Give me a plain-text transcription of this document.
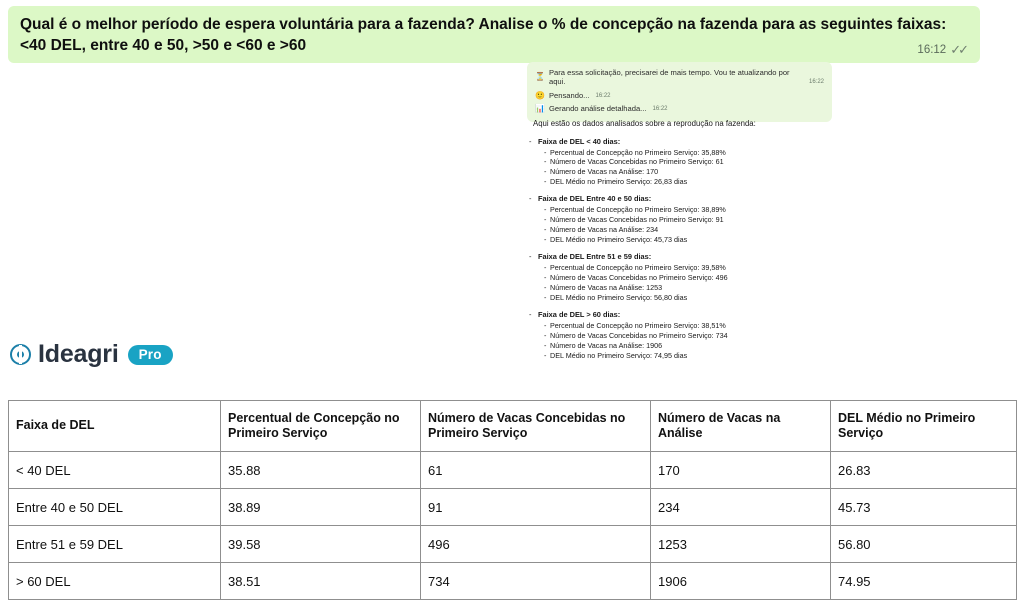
Qual é o melhor período de espera voluntária para a fazenda? Analise o % de concepção na fazenda para as seguintes faixas: <40 DEL, entre 40 e 50, >50 e <60 e >60	16:12 ✓✓
⏳ Para essa solicitação, precisarei de mais tempo. Vou te atualizando por aqui.	16:22
🙂 Pensando... 16:22
📊 Gerando análise detalhada... 16:22
Aqui estão os dados analisados sobre a reprodução na fazenda:
- Faixa de DEL < 40 dias:
- Percentual de Concepção no Primeiro Serviço: 35,88%
- Número de Vacas Concebidas no Primeiro Serviço: 61
- Número de Vacas na Análise: 170
- DEL Médio no Primeiro Serviço: 26,83 dias
- Faixa de DEL Entre 40 e 50 dias:
- Percentual de Concepção no Primeiro Serviço: 38,89%
- Número de Vacas Concebidas no Primeiro Serviço: 91
- Número de Vacas na Análise: 234
- DEL Médio no Primeiro Serviço: 45,73 dias
- Faixa de DEL Entre 51 e 59 dias:
- Percentual de Concepção no Primeiro Serviço: 39,58%
- Número de Vacas Concebidas no Primeiro Serviço: 496
- Número de Vacas na Análise: 1253
- DEL Médio no Primeiro Serviço: 56,80 dias
- Faixa de DEL > 60 dias:
- Percentual de Concepção no Primeiro Serviço: 38,51%
- Número de Vacas Concebidas no Primeiro Serviço: 734
- Número de Vacas na Análise: 1906
- DEL Médio no Primeiro Serviço: 74,95 dias
Ideagri	Pro
Faixa de DEL	Percentual de Concepção no Primeiro Serviço	Número de Vacas Concebidas no Primeiro Serviço	Número de Vacas na Análise	DEL Médio no Primeiro Serviço
< 40 DEL	35.88	61	170	26.83
Entre 40 e 50 DEL	38.89	91	234	45.73
Entre 51 e 59 DEL	39.58	496	1253	56.80
> 60 DEL	38.51	734	1906	74.95
